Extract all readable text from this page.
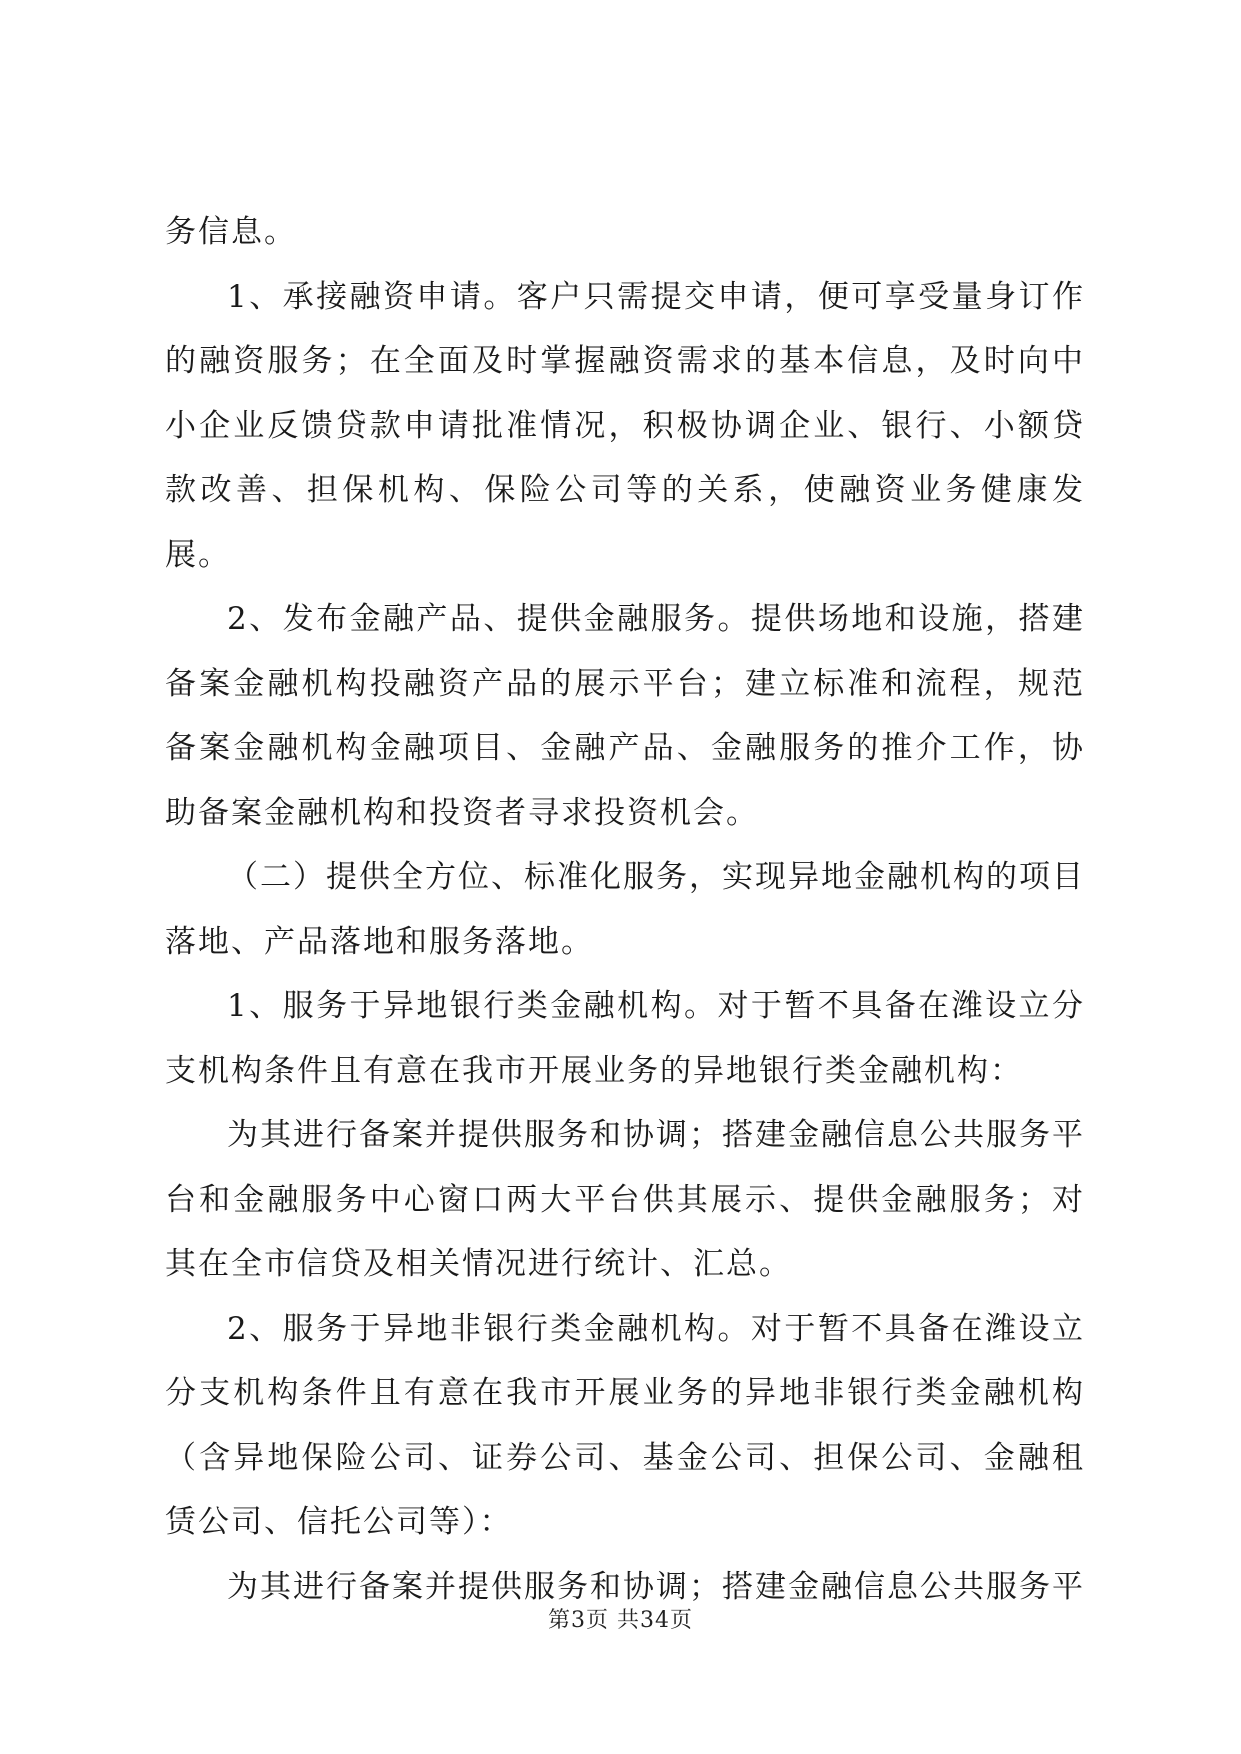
务信息。

1、承接融资申请。客户只需提交申请，便可享受量身订作的融资服务；在全面及时掌握融资需求的基本信息，及时向中小企业反馈贷款申请批准情况，积极协调企业、银行、小额贷款改善、担保机构、保险公司等的关系，使融资业务健康发展。

2、发布金融产品、提供金融服务。提供场地和设施，搭建备案金融机构投融资产品的展示平台；建立标准和流程，规范备案金融机构金融项目、金融产品、金融服务的推介工作，协助备案金融机构和投资者寻求投资机会。

（二）提供全方位、标准化服务，实现异地金融机构的项目落地、产品落地和服务落地。

1、服务于异地银行类金融机构。对于暂不具备在潍设立分支机构条件且有意在我市开展业务的异地银行类金融机构：

为其进行备案并提供服务和协调；搭建金融信息公共服务平台和金融服务中心窗口两大平台供其展示、提供金融服务；对其在全市信贷及相关情况进行统计、汇总。

2、服务于异地非银行类金融机构。对于暂不具备在潍设立分支机构条件且有意在我市开展业务的异地非银行类金融机构（含异地保险公司、证券公司、基金公司、担保公司、金融租赁公司、信托公司等）：

为其进行备案并提供服务和协调；搭建金融信息公共服务平

第3页 共34页
